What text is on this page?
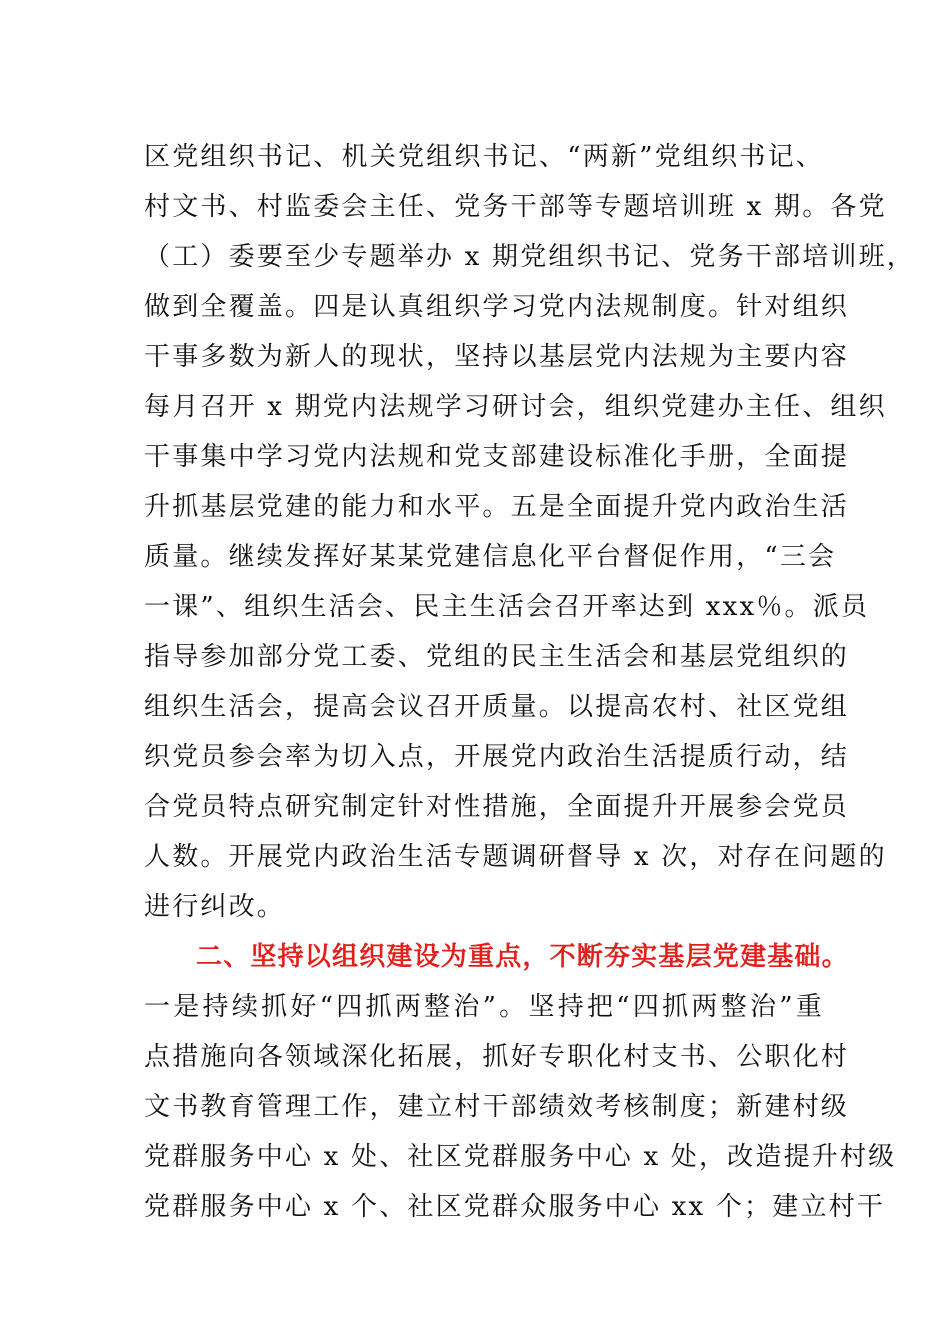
区党组织书记、机关党组织书记、“两新”党组织书记、
村文书、村监委会主任、党务干部等专题培训班 x 期。各党
（工）委要至少专题举办 x 期党组织书记、党务干部培训班，
做到全覆盖。四是认真组织学习党内法规制度。针对组织
干事多数为新人的现状，坚持以基层党内法规为主要内容
每月召开 x 期党内法规学习研讨会，组织党建办主任、组织
干事集中学习党内法规和党支部建设标准化手册，全面提
升抓基层党建的能力和水平。五是全面提升党内政治生活
质量。继续发挥好某某党建信息化平台督促作用，“三会
一课”、组织生活会、民主生活会召开率达到 xxx％。派员
指导参加部分党工委、党组的民主生活会和基层党组织的
组织生活会，提高会议召开质量。以提高农村、社区党组
织党员参会率为切入点，开展党内政治生活提质行动，结
合党员特点研究制定针对性措施，全面提升开展参会党员
人数。开展党内政治生活专题调研督导 x 次，对存在问题的
进行纠改。
二、坚持以组织建设为重点，不断夯实基层党建基础。
一是持续抓好“四抓两整治”。坚持把“四抓两整治”重
点措施向各领域深化拓展，抓好专职化村支书、公职化村
文书教育管理工作，建立村干部绩效考核制度；新建村级
党群服务中心 x 处、社区党群服务中心 x 处，改造提升村级
党群服务中心 x 个、社区党群众服务中心 xx 个；建立村干
